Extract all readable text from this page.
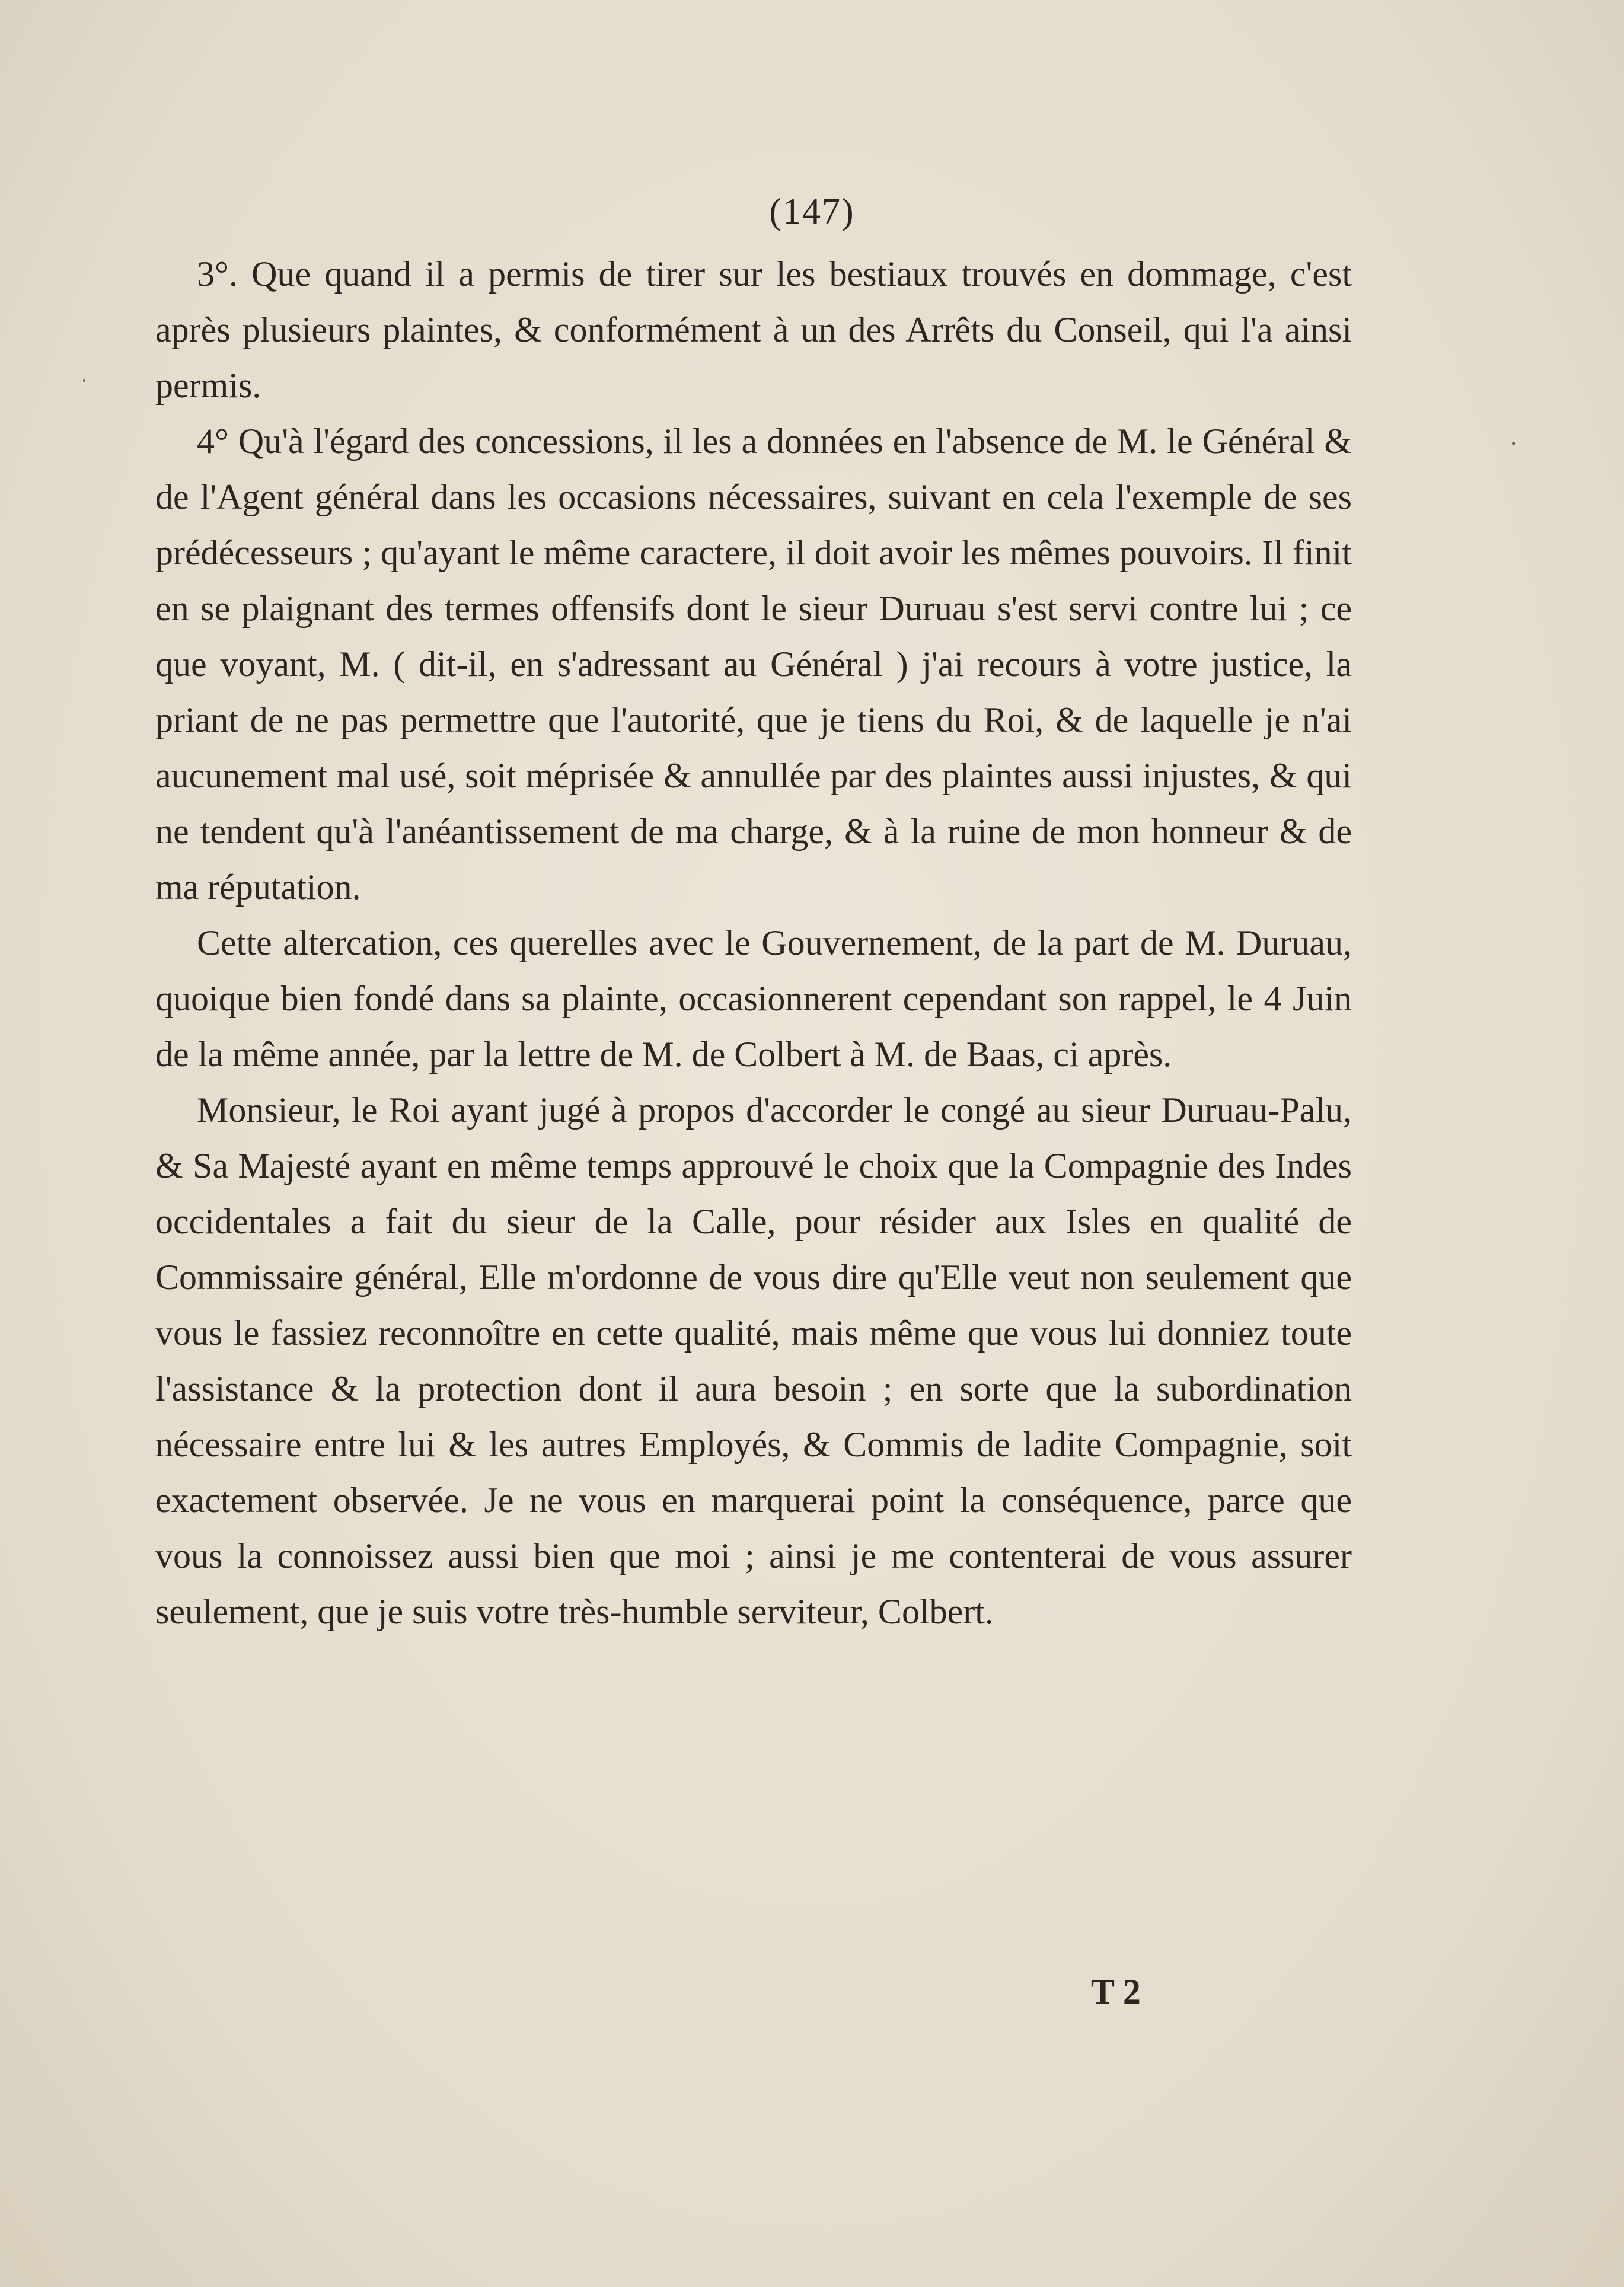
(147)

3°. Que quand il a permis de tirer sur les bestiaux trouvés en dommage, c'est après plusieurs plaintes, & conformément à un des Arrêts du Conseil, qui l'a ainsi permis.

4° Qu'à l'égard des concessions, il les a données en l'absence de M. le Général & de l'Agent général dans les occasions nécessaires, suivant en cela l'exemple de ses prédécesseurs ; qu'ayant le même caractere, il doit avoir les mêmes pouvoirs. Il finit en se plaignant des termes offensifs dont le sieur Duruau s'est servi contre lui ; ce que voyant, M. ( dit-il, en s'adressant au Général ) j'ai recours à votre justice, la priant de ne pas permettre que l'autorité, que je tiens du Roi, & de laquelle je n'ai aucunement mal usé, soit méprisée & annullée par des plaintes aussi injustes, & qui ne tendent qu'à l'anéantissement de ma charge, & à la ruine de mon honneur & de ma réputation.

Cette altercation, ces querelles avec le Gouvernement, de la part de M. Duruau, quoique bien fondé dans sa plainte, occasionnerent cependant son rappel, le 4 Juin de la même année, par la lettre de M. de Colbert à M. de Baas, ci après.

Monsieur, le Roi ayant jugé à propos d'accorder le congé au sieur Duruau-Palu, & Sa Majesté ayant en même temps approuvé le choix que la Compagnie des Indes occidentales a fait du sieur de la Calle, pour résider aux Isles en qualité de Commissaire général, Elle m'ordonne de vous dire qu'Elle veut non seulement que vous le fassiez reconnoître en cette qualité, mais même que vous lui donniez toute l'assistance & la protection dont il aura besoin ; en sorte que la subordination nécessaire entre lui & les autres Employés, & Commis de ladite Compagnie, soit exactement observée. Je ne vous en marquerai point la conséquence, parce que vous la connoissez aussi bien que moi ; ainsi je me contenterai de vous assurer seulement, que je suis votre très-humble serviteur, Colbert.

T 2
